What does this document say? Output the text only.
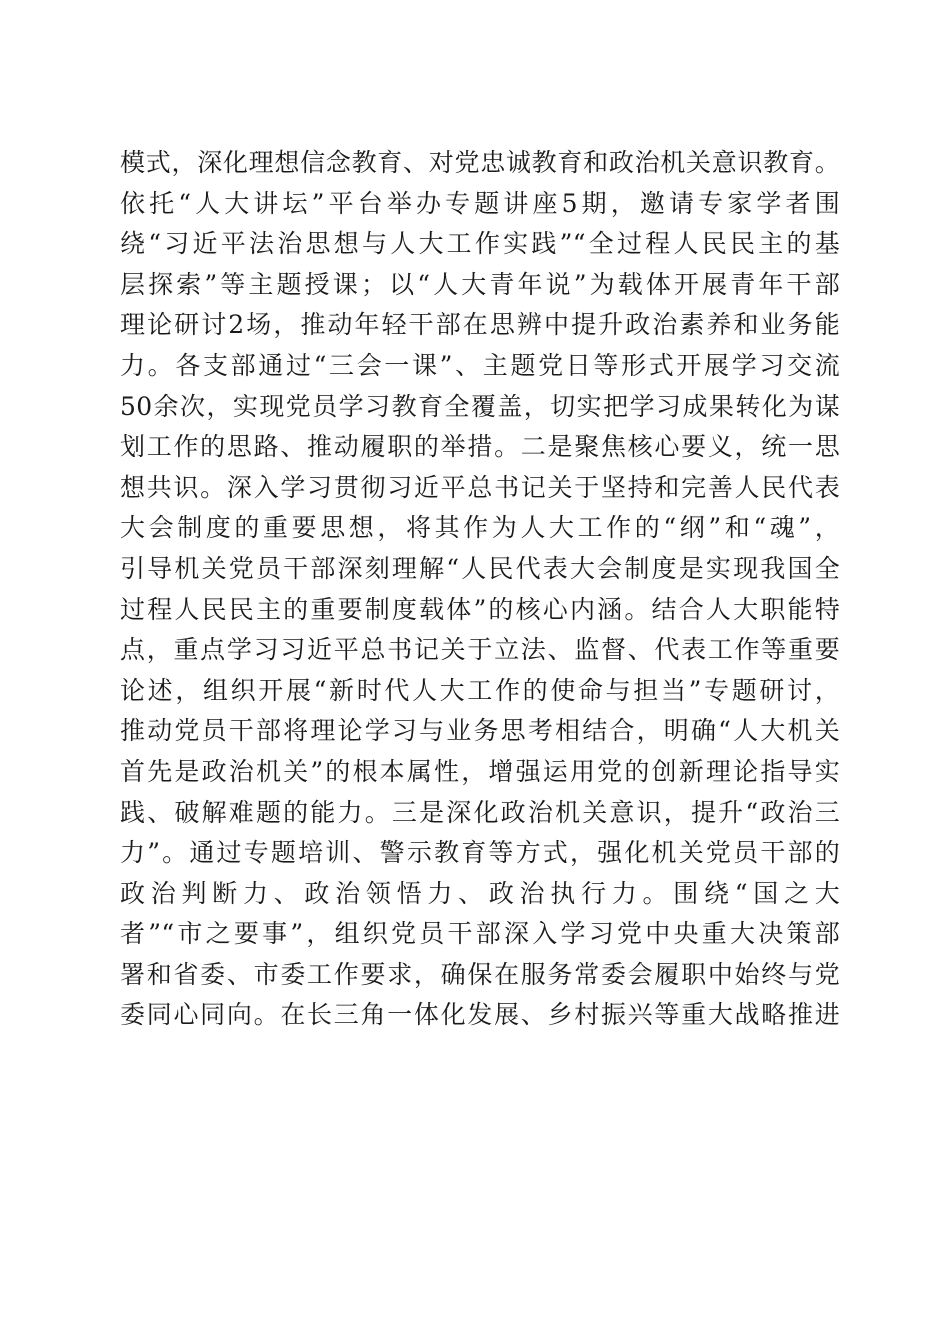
模式，深化理想信念教育、对党忠诚教育和政治机关意识教育。
依托“人大讲坛”平台举办专题讲座5期，邀请专家学者围
绕“习近平法治思想与人大工作实践”“全过程人民民主的基
层探索”等主题授课；以“人大青年说”为载体开展青年干部
理论研讨2场，推动年轻干部在思辨中提升政治素养和业务能
力。各支部通过“三会一课”、主题党日等形式开展学习交流
50余次，实现党员学习教育全覆盖，切实把学习成果转化为谋
划工作的思路、推动履职的举措。二是聚焦核心要义，统一思
想共识。深入学习贯彻习近平总书记关于坚持和完善人民代表
大会制度的重要思想，将其作为人大工作的“纲”和“魂”，
引导机关党员干部深刻理解“人民代表大会制度是实现我国全
过程人民民主的重要制度载体”的核心内涵。结合人大职能特
点，重点学习习近平总书记关于立法、监督、代表工作等重要
论述，组织开展“新时代人大工作的使命与担当”专题研讨，
推动党员干部将理论学习与业务思考相结合，明确“人大机关
首先是政治机关”的根本属性，增强运用党的创新理论指导实
践、破解难题的能力。三是深化政治机关意识，提升“政治三
力”。通过专题培训、警示教育等方式，强化机关党员干部的
政治判断力、政治领悟力、政治执行力。围绕“国之大
者”“市之要事”，组织党员干部深入学习党中央重大决策部
署和省委、市委工作要求，确保在服务常委会履职中始终与党
委同心同向。在长三角一体化发展、乡村振兴等重大战略推进
